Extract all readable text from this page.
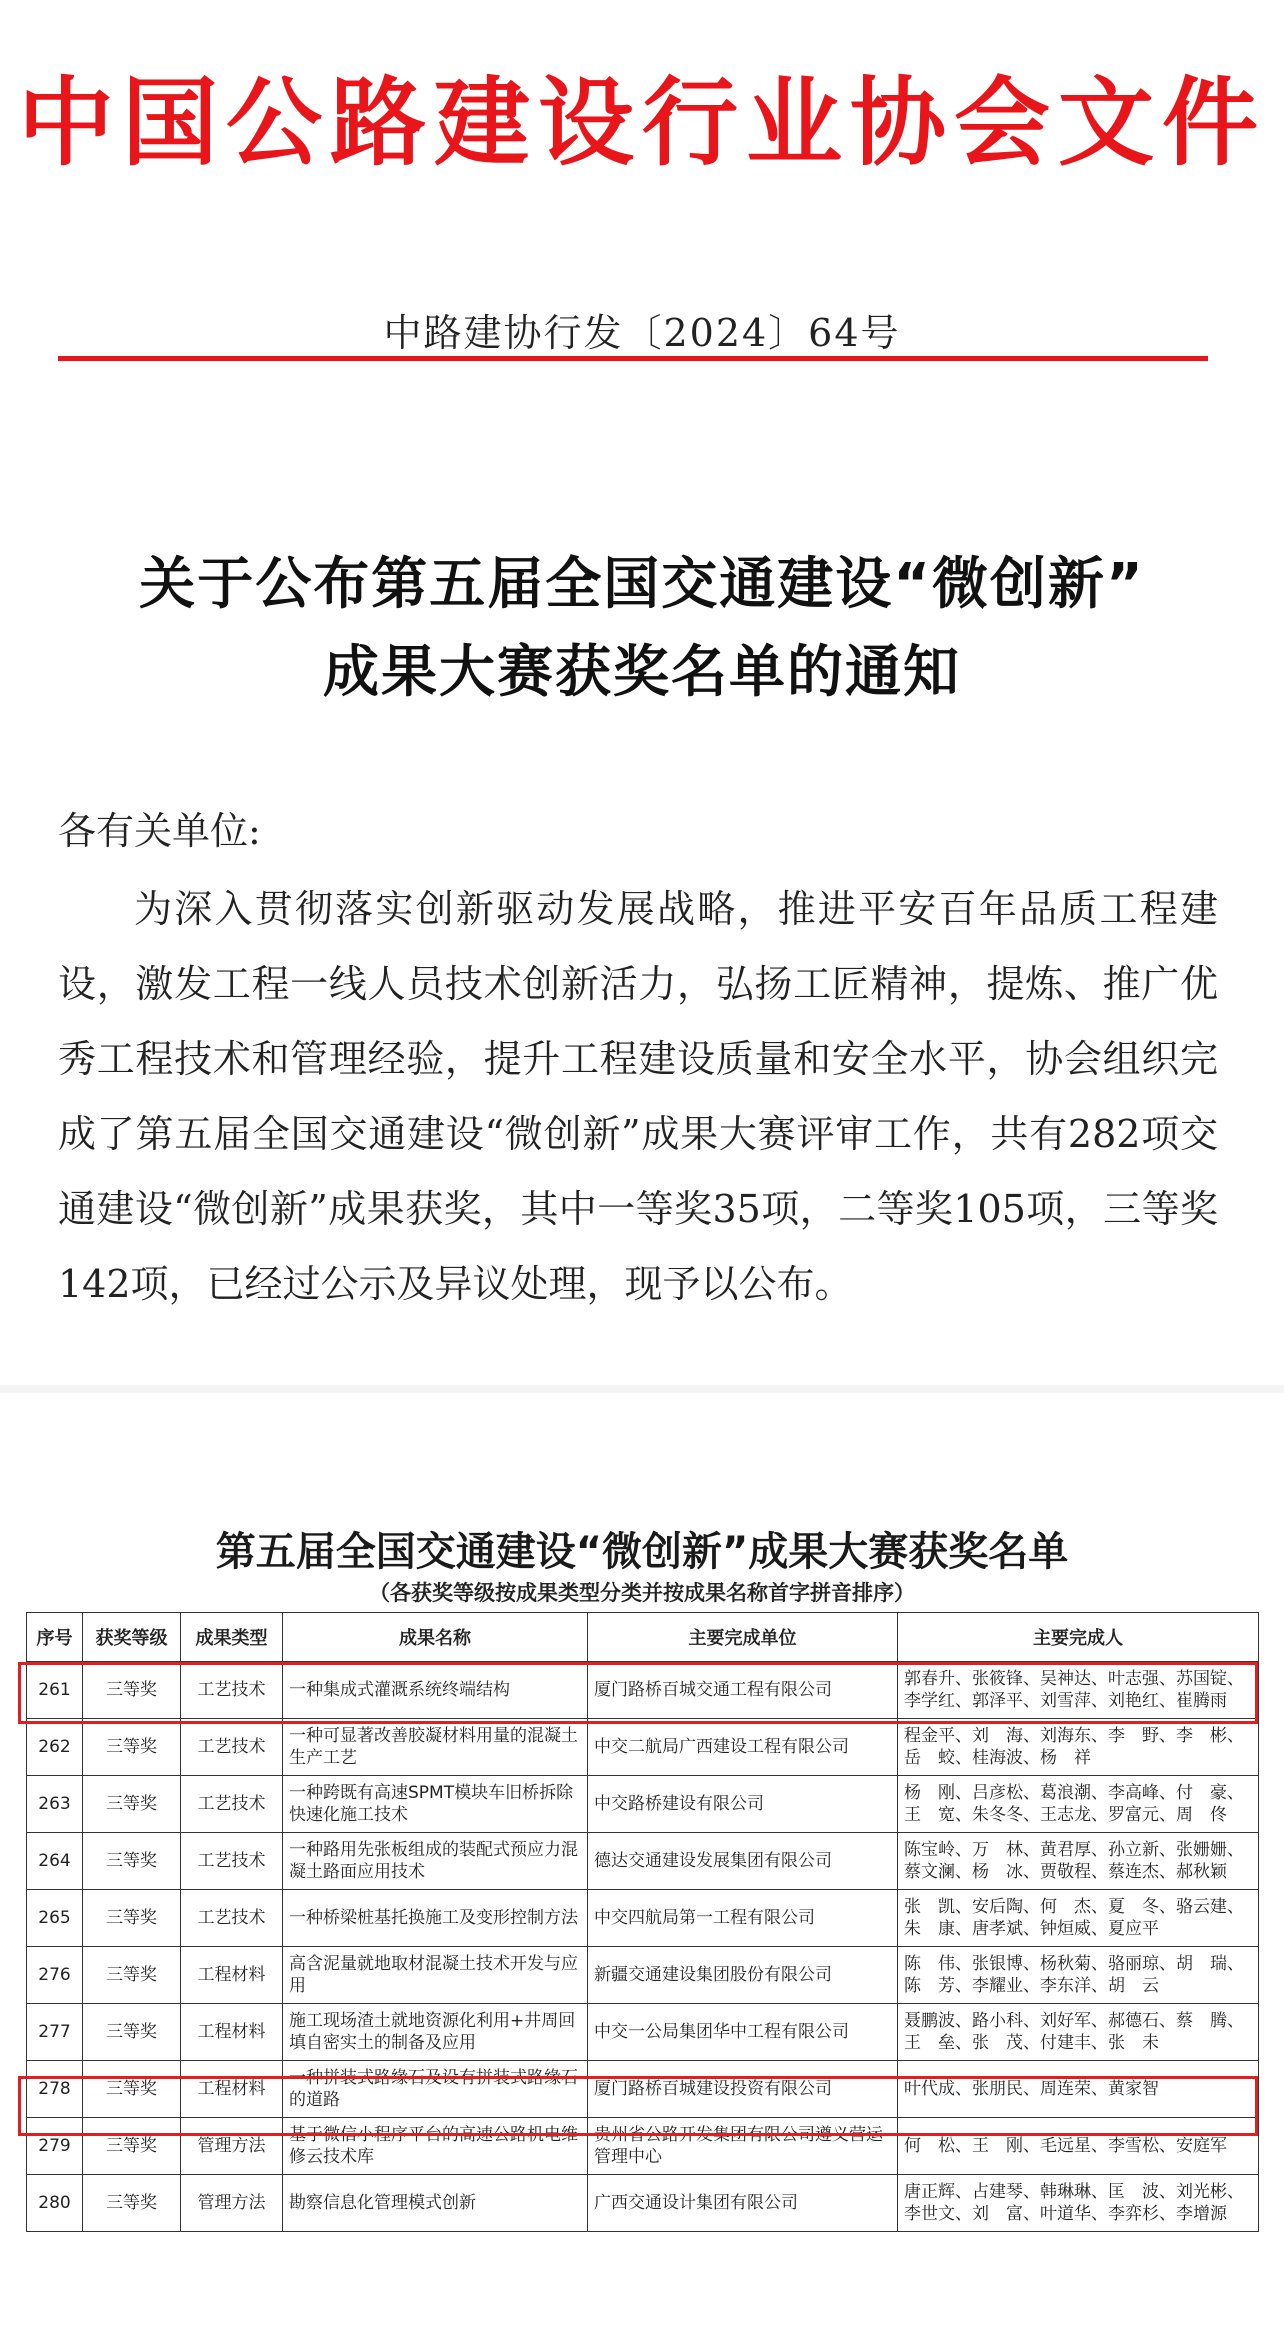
中国公路建设行业协会文件
中路建协行发〔2024〕64号
关于公布第五届全国交通建设“微创新”
成果大赛获奖名单的通知
各有关单位:

为深入贯彻落实创新驱动发展战略，推进平安百年品质工程建设，激发工程一线人员技术创新活力，弘扬工匠精神，提炼、推广优秀工程技术和管理经验，提升工程建设质量和安全水平，协会组织完成了第五届全国交通建设“微创新”成果大赛评审工作，共有282项交通建设“微创新”成果获奖，其中一等奖35项，二等奖105项，三等奖142项，已经过公示及异议处理，现予以公布。

第五届全国交通建设“微创新”成果大赛获奖名单
（各获奖等级按成果类型分类并按成果名称首字拼音排序）
序号	获奖等级	成果类型	成果名称	主要完成单位	主要完成人
261	三等奖	工艺技术	一种集成式灌溉系统终端结构	厦门路桥百城交通工程有限公司	郭春升、张筱锋、吴神达、叶志强、苏国锭、李学红、郭泽平、刘雪萍、刘艳红、崔腾雨
262	三等奖	工艺技术	一种可显著改善胶凝材料用量的混凝土生产工艺	中交二航局广西建设工程有限公司	程金平、刘　海、刘海东、李　野、李　彬、岳　蛟、桂海波、杨　祥
263	三等奖	工艺技术	一种跨既有高速SPMT模块车旧桥拆除快速化施工技术	中交路桥建设有限公司	杨　刚、吕彦松、葛浪潮、李高峰、付　豪、王　宽、朱冬冬、王志龙、罗富元、周　佟
264	三等奖	工艺技术	一种路用先张板组成的装配式预应力混凝土路面应用技术	德达交通建设发展集团有限公司	陈宝岭、万　林、黄君厚、孙立新、张姗姗、蔡文澜、杨　冰、贾敬程、蔡连杰、郝秋颖
265	三等奖	工艺技术	一种桥梁桩基托换施工及变形控制方法	中交四航局第一工程有限公司	张　凯、安后陶、何　杰、夏　冬、骆云建、朱　康、唐孝斌、钟烜威、夏应平
276	三等奖	工程材料	高含泥量就地取材混凝土技术开发与应用	新疆交通建设集团股份有限公司	陈　伟、张银博、杨秋菊、骆丽琼、胡　瑞、陈　芳、李耀业、李东洋、胡　云
277	三等奖	工程材料	施工现场渣土就地资源化利用+井周回填自密实土的制备及应用	中交一公局集团华中工程有限公司	聂鹏波、路小科、刘好军、郝德石、蔡　腾、王　垒、张　茂、付建丰、张　未
278	三等奖	工程材料	一种拼装式路缘石及设有拼装式路缘石的道路	厦门路桥百城建设投资有限公司	叶代成、张朋民、周连荣、黄家智
279	三等奖	管理方法	基于微信小程序平台的高速公路机电维修云技术库	贵州省公路开发集团有限公司遵义营运管理中心	何　松、王　刚、毛远星、李雪松、安庭军
280	三等奖	管理方法	勘察信息化管理模式创新	广西交通设计集团有限公司	唐正辉、占建琴、韩琳琳、匡　波、刘光彬、李世文、刘　富、叶道华、李弈杉、李增源
